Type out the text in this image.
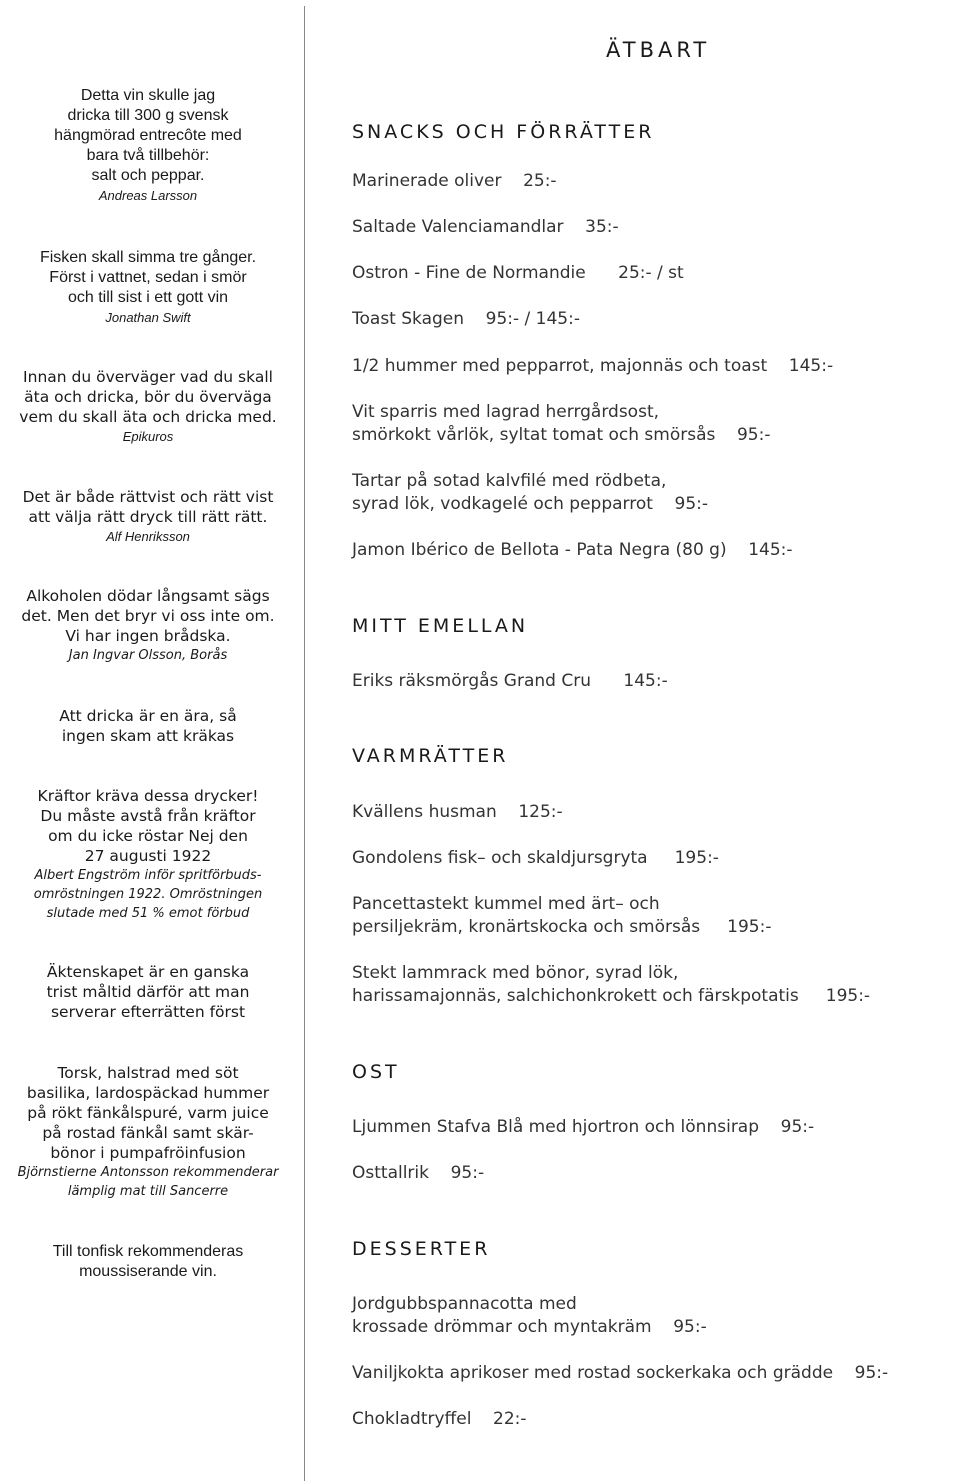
Detta vin skulle jag
dricka till 300 g svensk
hängmörad entrecôte med
bara två tillbehör:
salt och peppar.
Andreas Larsson
Fisken skall simma tre gånger.
Först i vattnet, sedan i smör
och till sist i ett gott vin
Jonathan Swift
Innan du överväger vad du skall
äta och dricka, bör du överväga
vem du skall äta och dricka med.
Epikuros
Det är både rättvist och rätt vist
att välja rätt dryck till rätt rätt.
Alf Henriksson
Alkoholen dödar långsamt sägs
det. Men det bryr vi oss inte om.
Vi har ingen brådska.
Jan Ingvar Olsson, Borås
Att dricka är en ära, så
ingen skam att kräkas
Kräftor kräva dessa drycker!
Du måste avstå från kräftor
om du icke röstar Nej den
27 augusti 1922
Albert Engström inför spritförbuds-
omröstningen 1922. Omröstningen
slutade med 51 % emot förbud
Äktenskapet är en ganska
trist måltid därför att man
serverar efterrätten först
Torsk, halstrad med söt
basilika, lardospäckad hummer
på rökt fänkålspuré, varm juice
på rostad fänkål samt skär-
bönor i pumpafröinfusion
Björnstierne Antonsson rekommenderar
lämplig mat till Sancerre
Till tonfisk rekommenderas
moussiserande vin.
ÄTBART
SNACKS OCH FÖRRÄTTER
Marinerade oliver    25:-
Saltade Valenciamandlar    35:-
Ostron - Fine de Normandie      25:- / st
Toast Skagen    95:- / 145:-
1/2 hummer med pepparrot, majonnäs och toast    145:-
Vit sparris med lagrad herrgårdsost,
smörkokt vårlök, syltat tomat och smörsås    95:-
Tartar på sotad kalvfilé med rödbeta,
syrad lök, vodkagelé och pepparrot    95:-
Jamon Ibérico de Bellota - Pata Negra (80 g)    145:-
MITT EMELLAN
Eriks räksmörgås Grand Cru      145:-
VARMRÄTTER
Kvällens husman    125:-
Gondolens fisk– och skaldjursgryta     195:-
Pancettastekt kummel med ärt– och
persiljekräm, kronärtskocka och smörsås     195:-
Stekt lammrack med bönor, syrad lök,
harissamajonnäs, salchichonkrokett och färskpotatis     195:-
OST
Ljummen Stafva Blå med hjortron och lönnsirap    95:-
Osttallrik    95:-
DESSERTER
Jordgubbspannacotta med
krossade drömmar och myntakräm    95:-
Vaniljkokta aprikoser med rostad sockerkaka och grädde    95:-
Chokladtryffel    22:-
